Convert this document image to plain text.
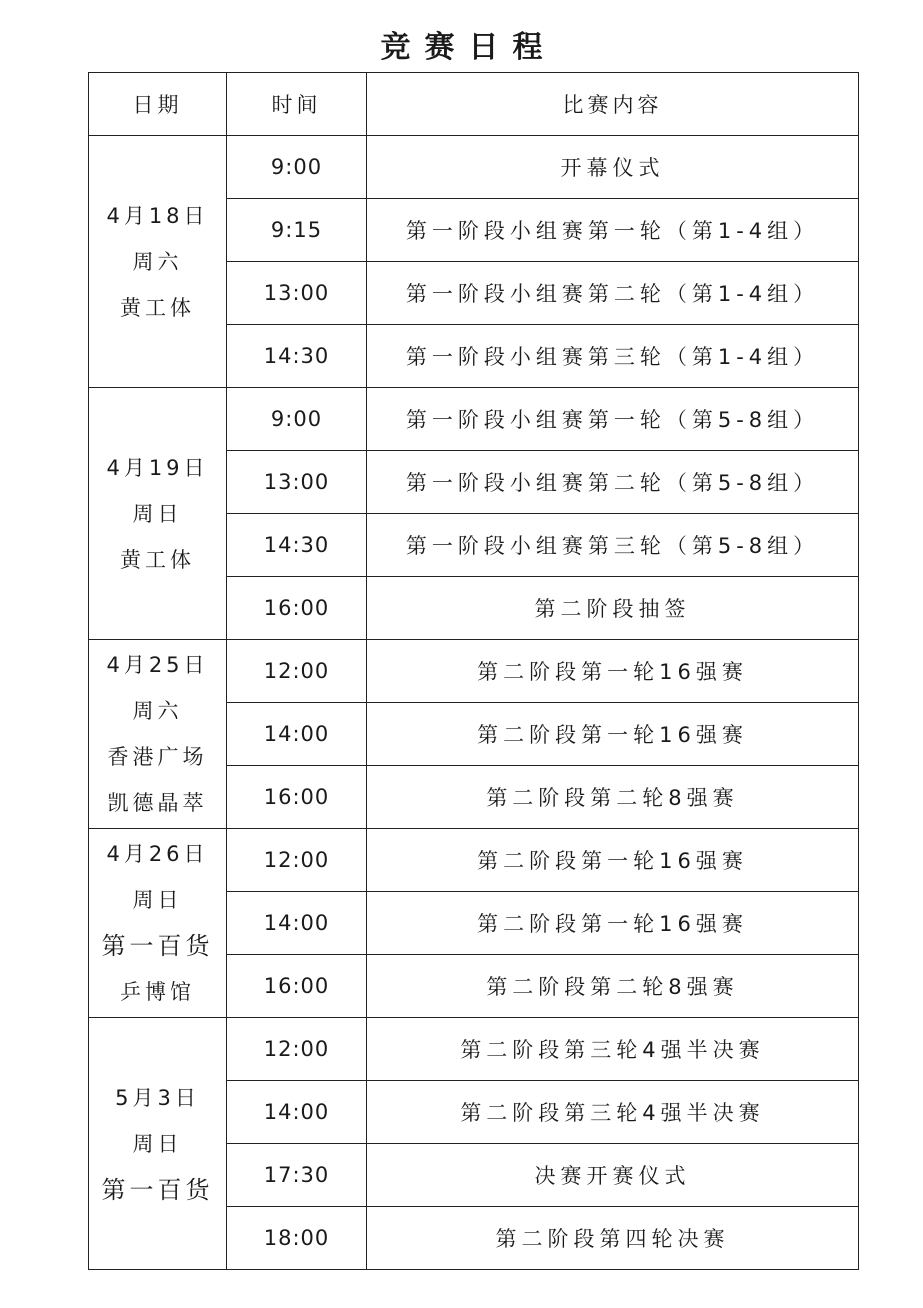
竞赛日程
日期	时间	比赛内容

4月18日
周六
黄工体	9:00	开幕仪式
	9:15	第一阶段小组赛第一轮（第1-4组）
	13:00	第一阶段小组赛第二轮（第1-4组）
	14:30	第一阶段小组赛第三轮（第1-4组）

4月19日
周日
黄工体	9:00	第一阶段小组赛第一轮（第5-8组）
	13:00	第一阶段小组赛第二轮（第5-8组）
	14:30	第一阶段小组赛第三轮（第5-8组）
	16:00	第二阶段抽签

4月25日
周六
香港广场
凯德晶萃	12:00	第二阶段第一轮16强赛
	14:00	第二阶段第一轮16强赛
	16:00	第二阶段第二轮8强赛

4月26日
周日
第一百货
乒博馆	12:00	第二阶段第一轮16强赛
	14:00	第二阶段第一轮16强赛
	16:00	第二阶段第二轮8强赛

5月3日
周日
第一百货	12:00	第二阶段第三轮4强半决赛
	14:00	第二阶段第三轮4强半决赛
	17:30	决赛开赛仪式
	18:00	第二阶段第四轮决赛
